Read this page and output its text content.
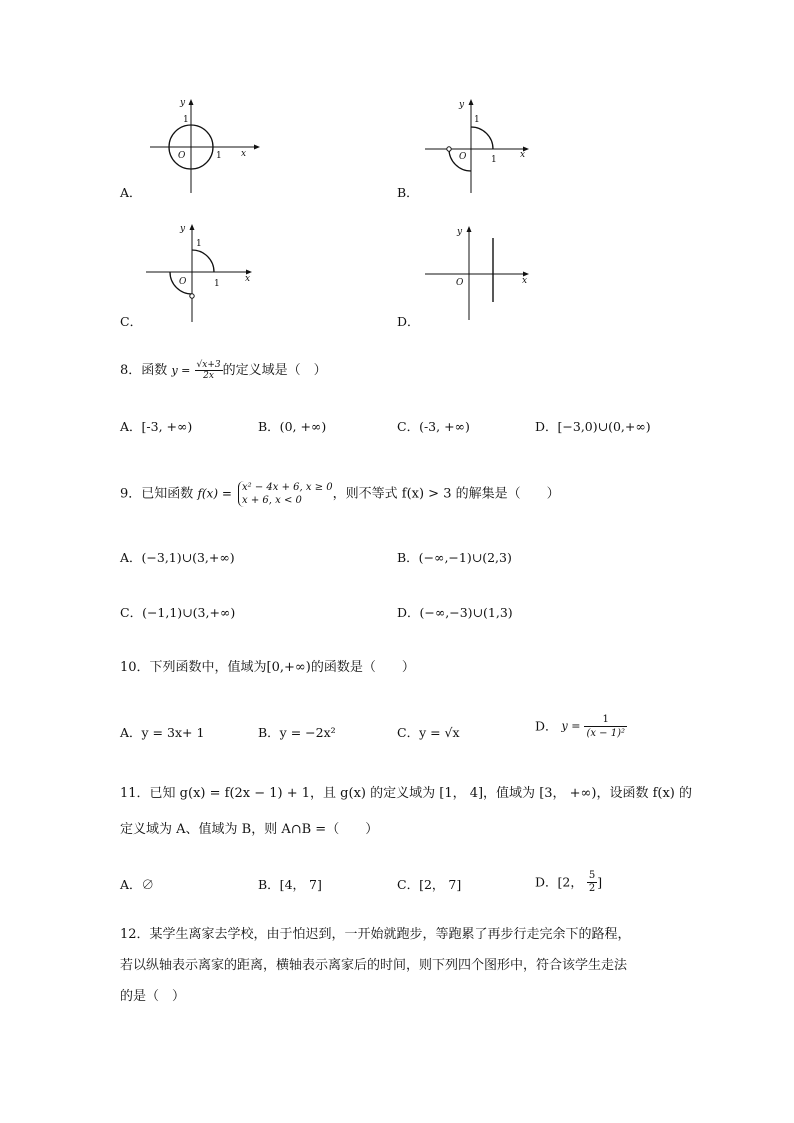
y
1
O	1 x
A．
y
1
O	1	x
B．
y
1
O	1	x
C．
y
O	x
D．
8．函数 $y = \frac{√x+3}{2x}$ 的定义域是（　）
A．[-3, +∞)	B．(0, +∞)	C．(-3, +∞)	D．[−3,0)∪(0,+∞)
9．已知函数 f(x) = x² − 4x + 6, x ≥ 0
x + 6, x < 0	，则不等式 f(x) > 3 的解集是（　　）
A．(−3,1)∪(3,+∞)	B．(−∞,−1)∪(2,3)
C．(−1,1)∪(3,+∞)	D．(−∞,−3)∪(1,3)
10．下列函数中，值域为[0,+∞)的函数是（　　）
A．y = 3x+ 1	B．y = −2x²	C．y = √x	D． $y = \frac{1}{\text{(x − 1)²}}$
11．已知 g(x) = f(2x − 1) + 1，且 g(x) 的定义域为 [1， 4]，值域为 [3， +∞)，设函数 f(x) 的
定义域为 A、值域为 B，则 A∩B =（　　）
A．∅	B．[4， 7]	C．[2， 7]	D．[2， $\frac{5}{2}$ ]
12．某学生离家去学校，由于怕迟到，一开始就跑步，等跑累了再步行走完余下的路程，
若以纵轴表示离家的距离，横轴表示离家后的时间，则下列四个图形中，符合该学生走法
的是（　）
